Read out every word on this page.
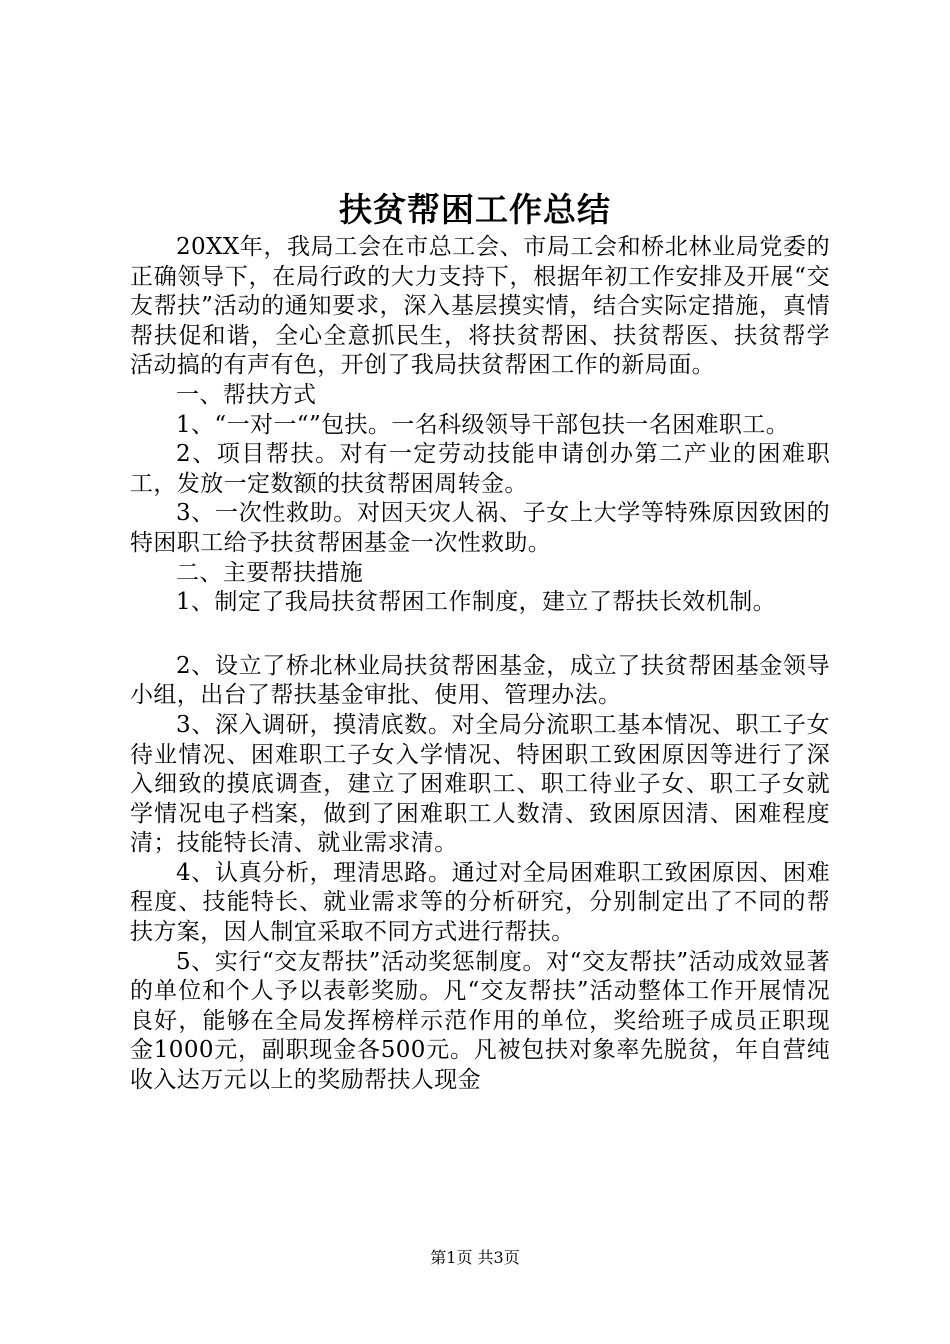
扶贫帮困工作总结

20XX年，我局工会在市总工会、市局工会和桥北林业局党委的正确领导下，在局行政的大力支持下，根据年初工作安排及开展“交友帮扶”活动的通知要求，深入基层摸实情，结合实际定措施，真情帮扶促和谐，全心全意抓民生，将扶贫帮困、扶贫帮医、扶贫帮学活动搞的有声有色，开创了我局扶贫帮困工作的新局面。

一、帮扶方式

1、“一对一“”包扶。一名科级领导干部包扶一名困难职工。

2、项目帮扶。对有一定劳动技能申请创办第二产业的困难职工，发放一定数额的扶贫帮困周转金。

3、一次性救助。对因天灾人祸、子女上大学等特殊原因致困的特困职工给予扶贫帮困基金一次性救助。

二、主要帮扶措施

1、制定了我局扶贫帮困工作制度，建立了帮扶长效机制。

2、设立了桥北林业局扶贫帮困基金，成立了扶贫帮困基金领导小组，出台了帮扶基金审批、使用、管理办法。

3、深入调研，摸清底数。对全局分流职工基本情况、职工子女待业情况、困难职工子女入学情况、特困职工致困原因等进行了深入细致的摸底调查，建立了困难职工、职工待业子女、职工子女就学情况电子档案，做到了困难职工人数清、致困原因清、困难程度清；技能特长清、就业需求清。

4、认真分析，理清思路。通过对全局困难职工致困原因、困难程度、技能特长、就业需求等的分析研究，分别制定出了不同的帮扶方案，因人制宜采取不同方式进行帮扶。

5、实行“交友帮扶”活动奖惩制度。对“交友帮扶”活动成效显著的单位和个人予以表彰奖励。凡“交友帮扶”活动整体工作开展情况良好，能够在全局发挥榜样示范作用的单位，奖给班子成员正职现金1000元，副职现金各500元。凡被包扶对象率先脱贫，年自营纯收入达万元以上的奖励帮扶人现金

第1页 共3页
